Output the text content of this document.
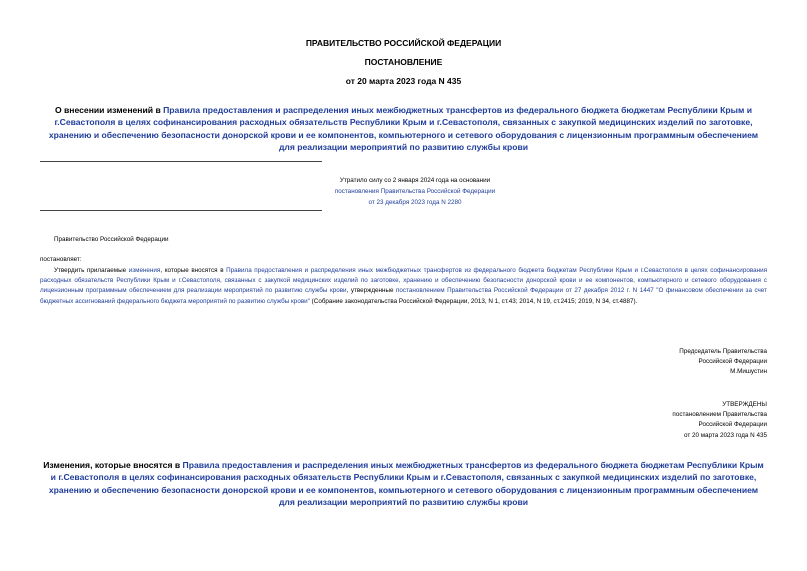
ПРАВИТЕЛЬСТВО РОССИЙСКОЙ ФЕДЕРАЦИИ
ПОСТАНОВЛЕНИЕ
от 20 марта 2023 года N 435
О внесении изменений в Правила предоставления и распределения иных межбюджетных трансфертов из федерального бюджета бюджетам Республики Крым и г.Севастополя в целях софинансирования расходных обязательств Республики Крым и г.Севастополя, связанных с закупкой медицинских изделий по заготовке, хранению и обеспечению безопасности донорской крови и ее компонентов, компьютерного и сетевого оборудования с лицензионным программным обеспечением для реализации мероприятий по развитию службы крови
Утратило силу со 2 января 2024 года на основании
постановления Правительства Российской Федерации
от 23 декабря 2023 года N 2280
Правительство Российской Федерации
постановляет:
Утвердить прилагаемые изменения, которые вносятся в Правила предоставления и распределения иных межбюджетных трансфертов из федерального бюджета бюджетам Республики Крым и г.Севастополя в целях софинансирования расходных обязательств Республики Крым и г.Севастополя, связанных с закупкой медицинских изделий по заготовке, хранению и обеспечению безопасности донорской крови и ее компонентов, компьютерного и сетевого оборудования с лицензионным программным обеспечением для реализации мероприятий по развитию службы крови, утвержденные постановлением Правительства Российской Федерации от 27 декабря 2012 г. N 1447 "О финансовом обеспечении за счет бюджетных ассигнований федерального бюджета мероприятий по развитию службы крови" (Собрание законодательства Российской Федерации, 2013, N 1, ст.43; 2014, N 19, ст.2415; 2019, N 34, ст.4887).
Председатель Правительства
Российской Федерации
М.Мишустин
УТВЕРЖДЕНЫ
постановлением Правительства
Российской Федерации
от 20 марта 2023 года N 435
Изменения, которые вносятся в Правила предоставления и распределения иных межбюджетных трансфертов из федерального бюджета бюджетам Республики Крым и г.Севастополя в целях софинансирования расходных обязательств Республики Крым и г.Севастополя, связанных с закупкой медицинских изделий по заготовке, хранению и обеспечению безопасности донорской крови и ее компонентов, компьютерного и сетевого оборудования с лицензионным программным обеспечением для реализации мероприятий по развитию службы крови
